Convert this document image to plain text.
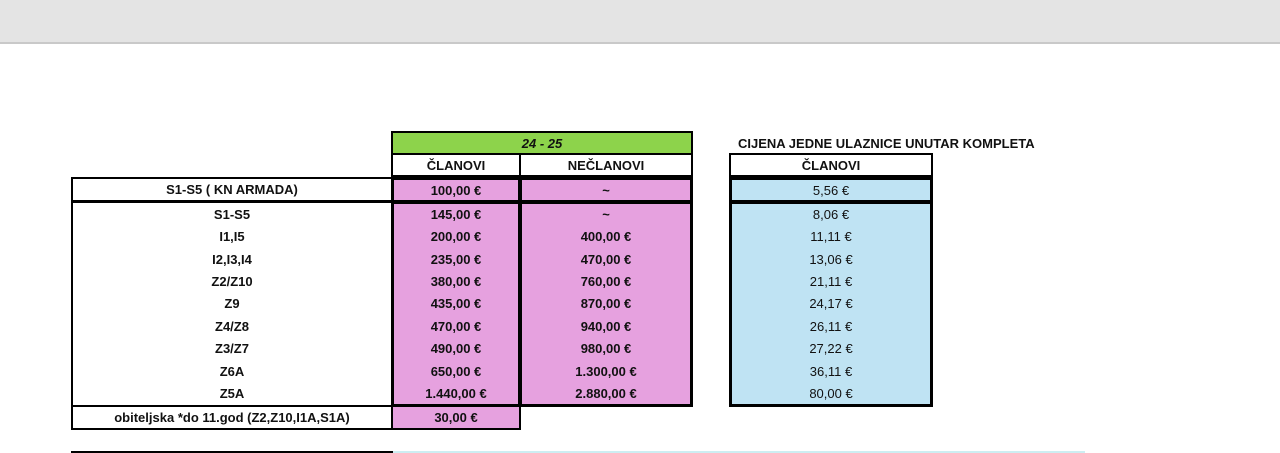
24 - 25
ČLANOVI	NEČLANOVI
CIJENA JEDNE ULAZNICE UNUTAR KOMPLETA
ČLANOVI
S1-S5 ( KN ARMADA)	100,00 €	~	5,56 €
S1-S5	145,00 €	~	8,06 €
I1,I5	200,00 €	400,00 €	11,11 €
I2,I3,I4	235,00 €	470,00 €	13,06 €
Z2/Z10	380,00 €	760,00 €	21,11 €
Z9	435,00 €	870,00 €	24,17 €
Z4/Z8	470,00 €	940,00 €	26,11 €
Z3/Z7	490,00 €	980,00 €	27,22 €
Z6A	650,00 €	1.300,00 €	36,11 €
Z5A	1.440,00 €	2.880,00 €	80,00 €
obiteljska *do 11.god (Z2,Z10,I1A,S1A)	30,00 €
